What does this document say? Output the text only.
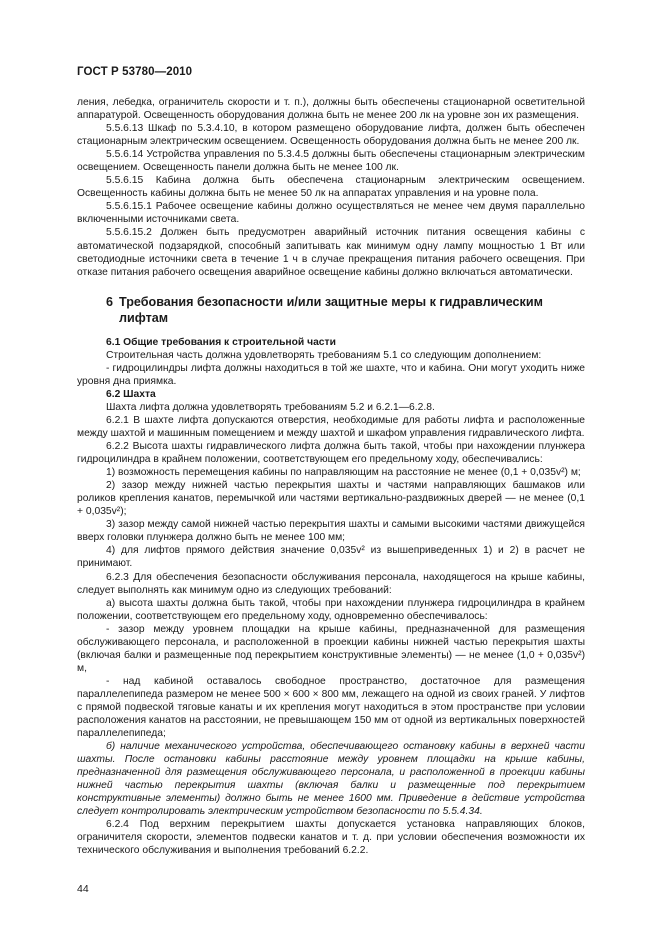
ГОСТ Р 53780—2010

ления, лебедка, ограничитель скорости и т. п.), должны быть обеспечены стационарной осветительной аппаратурой. Освещенность оборудования должна быть не менее 200 лк на уровне зон их размещения.

5.5.6.13 Шкаф по 5.3.4.10, в котором размещено оборудование лифта, должен быть обеспечен стационарным электрическим освещением. Освещенность оборудования должна быть не менее 200 лк.

5.5.6.14 Устройства управления по 5.3.4.5 должны быть обеспечены стационарным электрическим освещением. Освещенность панели должна быть не менее 100 лк.

5.5.6.15 Кабина должна быть обеспечена стационарным электрическим освещением. Освещенность кабины должна быть не менее 50 лк на аппаратах управления и на уровне пола.

5.5.6.15.1 Рабочее освещение кабины должно осуществляться не менее чем двумя параллельно включенными источниками света.

5.5.6.15.2 Должен быть предусмотрен аварийный источник питания освещения кабины с автоматической подзарядкой, способный запитывать как минимум одну лампу мощностью 1 Вт или светодиодные источники света в течение 1 ч в случае прекращения питания рабочего освещения. При отказе питания рабочего освещения аварийное освещение кабины должно включаться автоматически.

6 Требования безопасности и/или защитные меры к гидравлическим
лифтам

6.1 Общие требования к строительной части

Строительная часть должна удовлетворять требованиям 5.1 со следующим дополнением:

- гидроцилиндры лифта должны находиться в той же шахте, что и кабина. Они могут уходить ниже уровня дна приямка.

6.2 Шахта

Шахта лифта должна удовлетворять требованиям 5.2 и 6.2.1—6.2.8.

6.2.1 В шахте лифта допускаются отверстия, необходимые для работы лифта и расположенные между шахтой и машинным помещением и между шахтой и шкафом управления гидравлического лифта.

6.2.2 Высота шахты гидравлического лифта должна быть такой, чтобы при нахождении плунжера гидроцилиндра в крайнем положении, соответствующем его предельному ходу, обеспечивались:

1) возможность перемещения кабины по направляющим на расстояние не менее (0,1 + 0,035v²) м;

2) зазор между нижней частью перекрытия шахты и частями направляющих башмаков или роликов крепления канатов, перемычкой или частями вертикально-раздвижных дверей — не менее (0,1 + 0,035v²);

3) зазор между самой нижней частью перекрытия шахты и самыми высокими частями движущейся вверх головки плунжера должно быть не менее 100 мм;

4) для лифтов прямого действия значение 0,035v² из вышеприведенных 1) и 2) в расчет не принимают.

6.2.3 Для обеспечения безопасности обслуживания персонала, находящегося на крыше кабины, следует выполнять как минимум одно из следующих требований:

а) высота шахты должна быть такой, чтобы при нахождении плунжера гидроцилиндра в крайнем положении, соответствующем его предельному ходу, одновременно обеспечивалось:

- зазор между уровнем площадки на крыше кабины, предназначенной для размещения обслуживающего персонала, и расположенной в проекции кабины нижней частью перекрытия шахты (включая балки и размещенные под перекрытием конструктивные элементы) — не менее (1,0 + 0,035v²) м,

- над кабиной оставалось свободное пространство, достаточное для размещения параллелепипеда размером не менее 500 × 600 × 800 мм, лежащего на одной из своих граней. У лифтов с прямой подвеской тяговые канаты и их крепления могут находиться в этом пространстве при условии расположения канатов на расстоянии, не превышающем 150 мм от одной из вертикальных поверхностей параллелепипеда;

б) наличие механического устройства, обеспечивающего остановку кабины в верхней части шахты. После остановки кабины расстояние между уровнем площадки на крыше кабины, предназначенной для размещения обслуживающего персонала, и расположенной в проекции кабины нижней частью перекрытия шахты (включая балки и размещенные под перекрытием конструктивные элементы) должно быть не менее 1600 мм. Приведение в действие устройства следует контролировать электрическим устройством безопасности по 5.5.4.34.

6.2.4 Под верхним перекрытием шахты допускается установка направляющих блоков, ограничителя скорости, элементов подвески канатов и т. д. при условии обеспечения возможности их технического обслуживания и выполнения требований 6.2.2.

44
